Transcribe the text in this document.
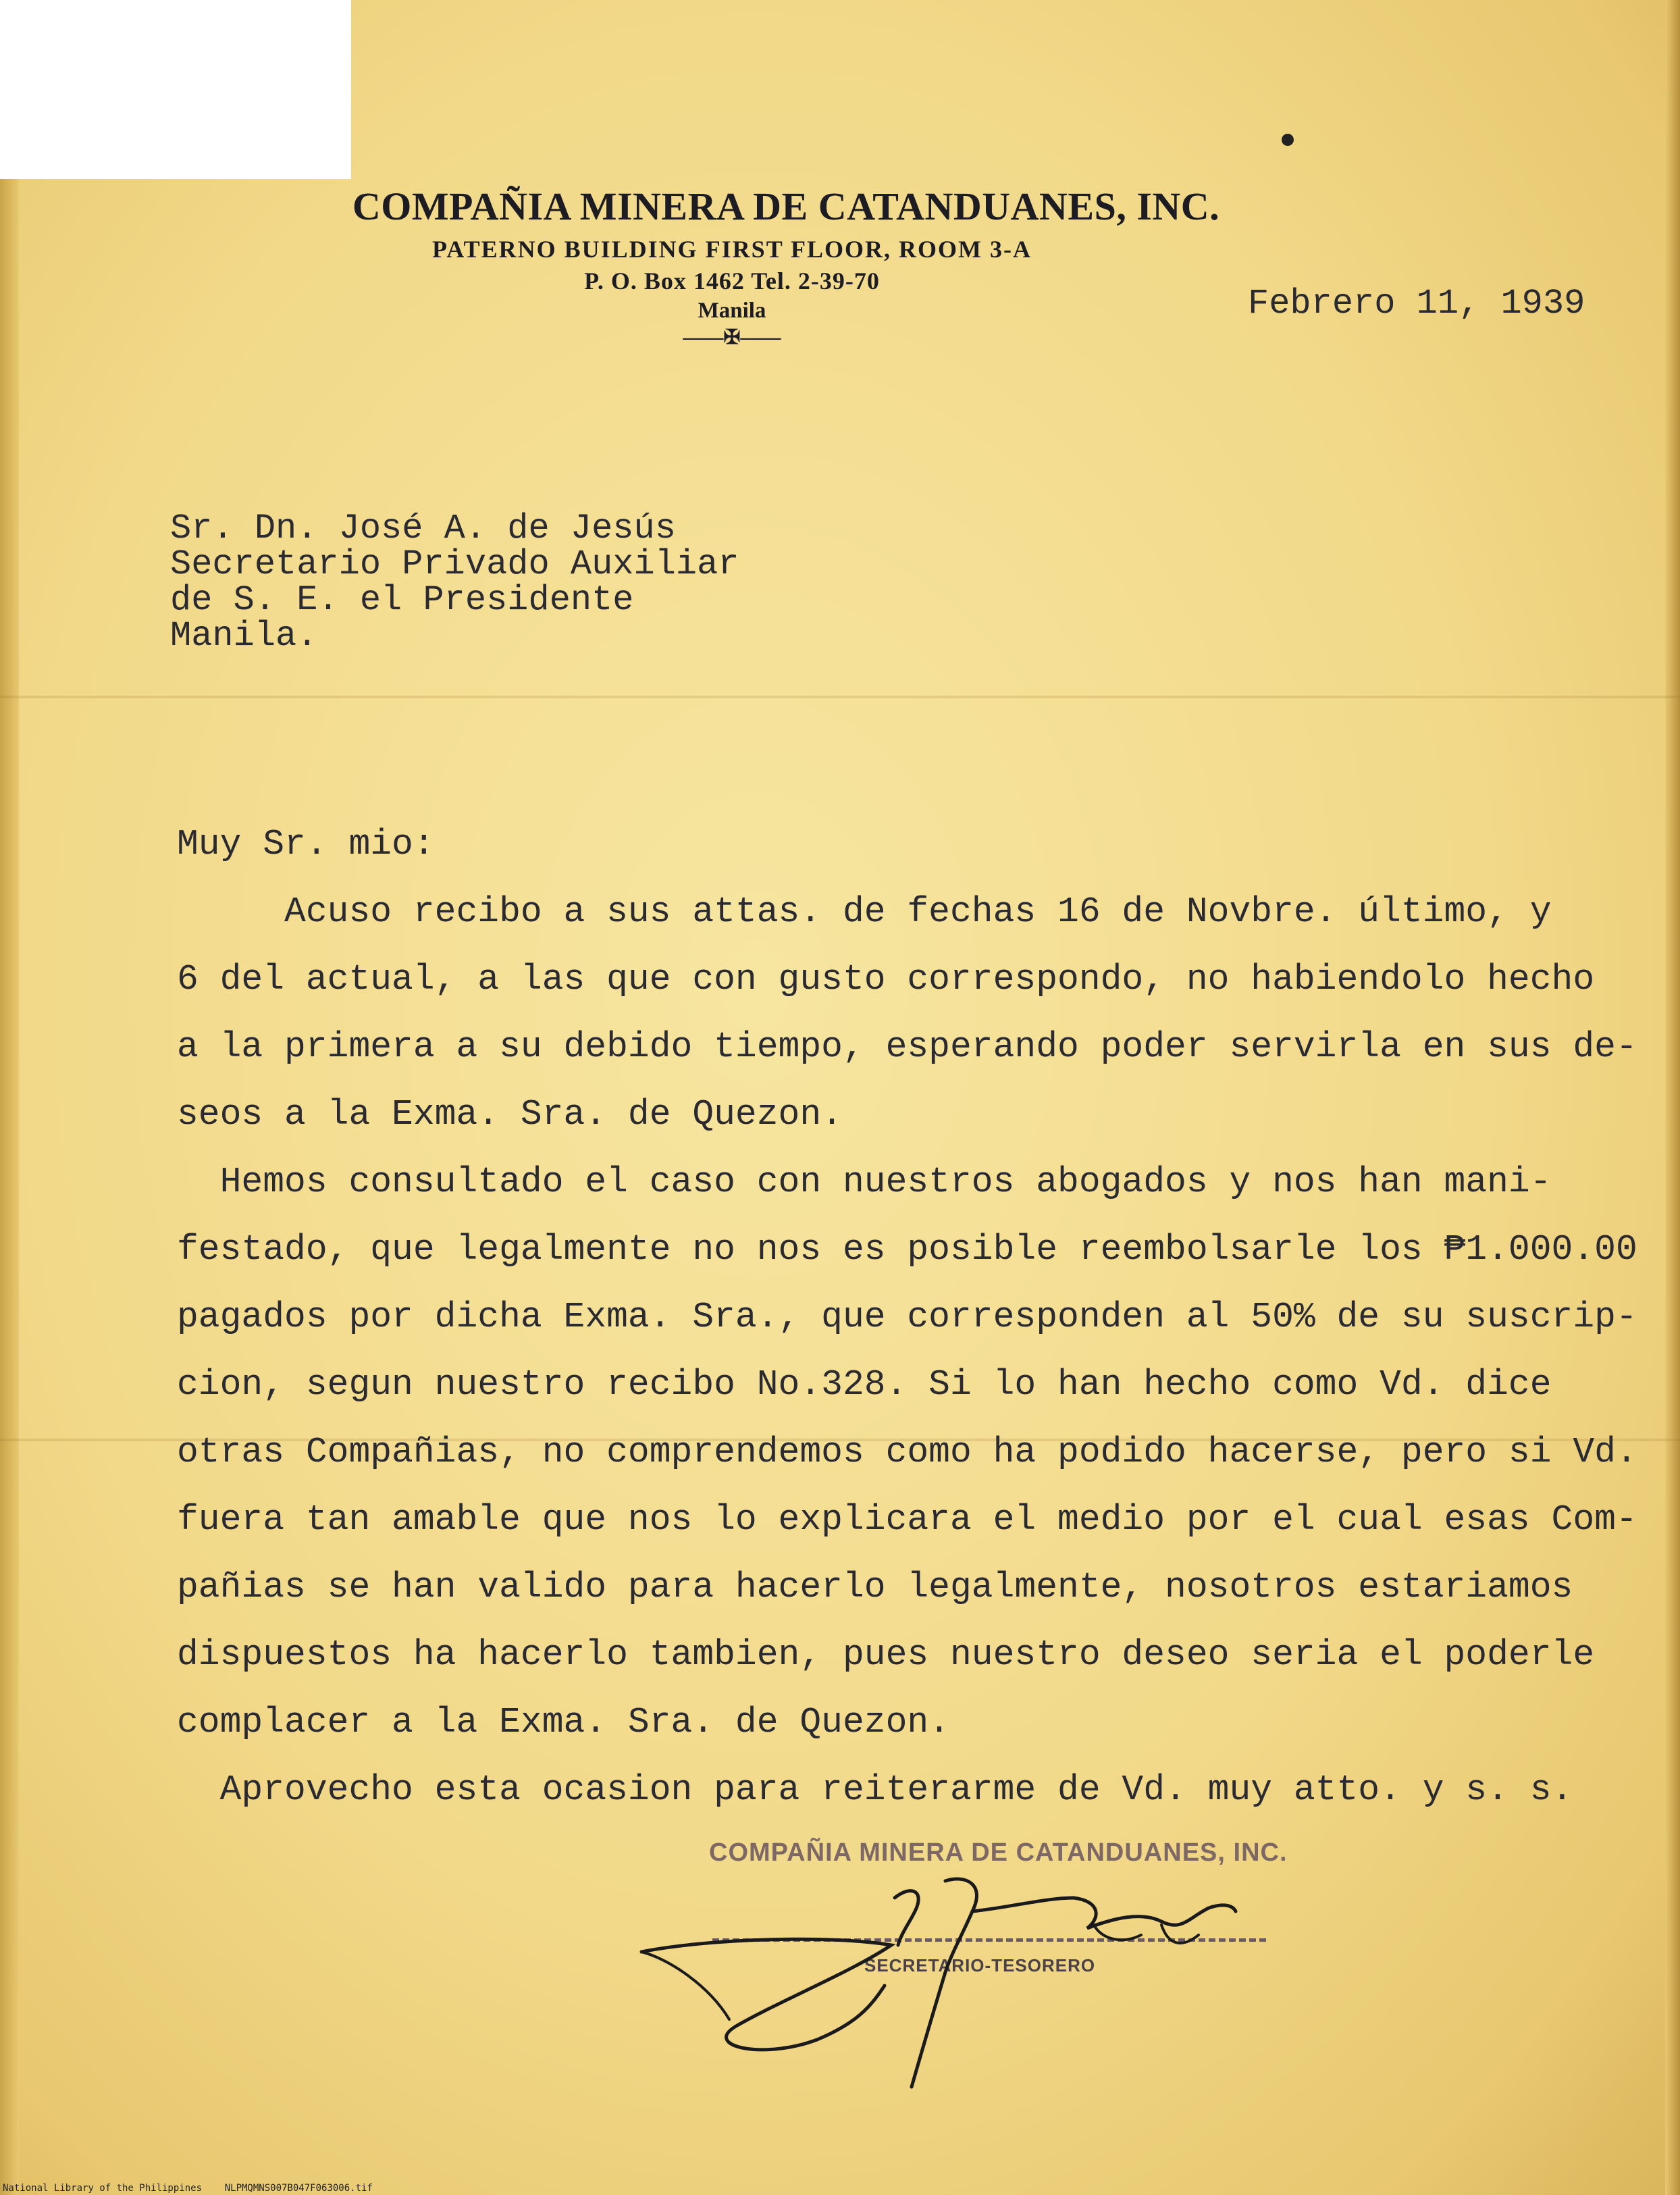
COMPAÑIA MINERA DE CATANDUANES, INC.
PATERNO BUILDING FIRST FLOOR, ROOM 3-A
P. O. Box 1462 Tel. 2-39-70
Manila
——✠——
Febrero 11, 1939
Sr. Dn. José A. de Jesús
Secretario Privado Auxiliar
de S. E. el Presidente
Manila.
Muy Sr. mio:
Acuso recibo a sus attas. de fechas 16 de Novbre. último, y
6 del actual, a las que con gusto correspondo, no habiendolo hecho
a la primera a su debido tiempo, esperando poder servirla en sus de-
seos a la Exma. Sra. de Quezon.
Hemos consultado el caso con nuestros abogados y nos han mani-
festado, que legalmente no nos es posible reembolsarle los ₱1.000.00
pagados por dicha Exma. Sra., que corresponden al 50% de su suscrip-
cion, segun nuestro recibo No.328. Si lo han hecho como Vd. dice
otras Compañias, no comprendemos como ha podido hacerse, pero si Vd.
fuera tan amable que nos lo explicara el medio por el cual esas Com-
pañias se han valido para hacerlo legalmente, nosotros estariamos
dispuestos ha hacerlo tambien, pues nuestro deseo seria el poderle
complacer a la Exma. Sra. de Quezon.
Aprovecho esta ocasion para reiterarme de Vd. muy atto. y s. s.
COMPAÑIA MINERA DE CATANDUANES, INC.
SECRETARIO-TESORERO
National Library of the Philippines    NLPMQMNS007B047F063006.tif
